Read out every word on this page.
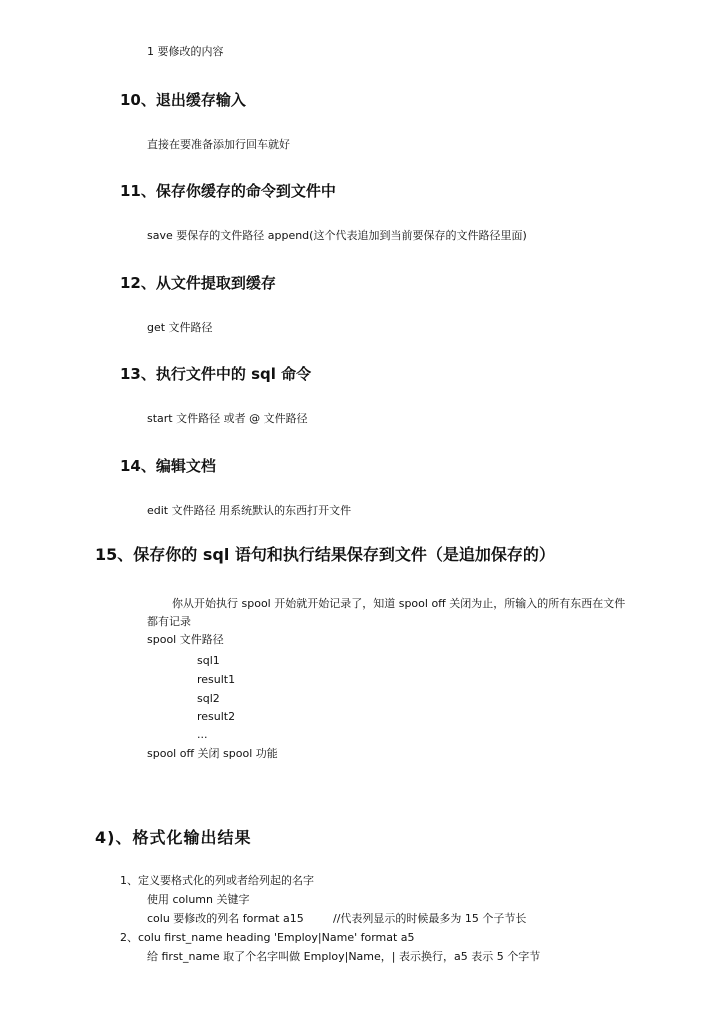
1 要修改的内容
10、退出缓存输入
直接在要准备添加行回车就好
11、保存你缓存的命令到文件中
save 要保存的文件路径 append(这个代表追加到当前要保存的文件路径里面)
12、从文件提取到缓存
get 文件路径
13、执行文件中的 sql 命令
start 文件路径 或者 @ 文件路径
14、编辑文档
edit 文件路径 用系统默认的东西打开文件
15、保存你的 sql 语句和执行结果保存到文件（是追加保存的）
你从开始执行 spool 开始就开始记录了，知道 spool off 关闭为止，所输入的所有东西在文件
都有记录
spool 文件路径
sql1
result1
sql2
result2
...
spool off 关闭 spool 功能
4)、格式化输出结果
1、定义要格式化的列或者给列起的名字
使用 column 关键字
colu 要修改的列名 format a15	//代表列显示的时候最多为 15 个子节长
2、colu first_name heading 'Employ|Name' format a5
给 first_name 取了个名字叫做 Employ|Name，| 表示换行，a5 表示 5 个字节
